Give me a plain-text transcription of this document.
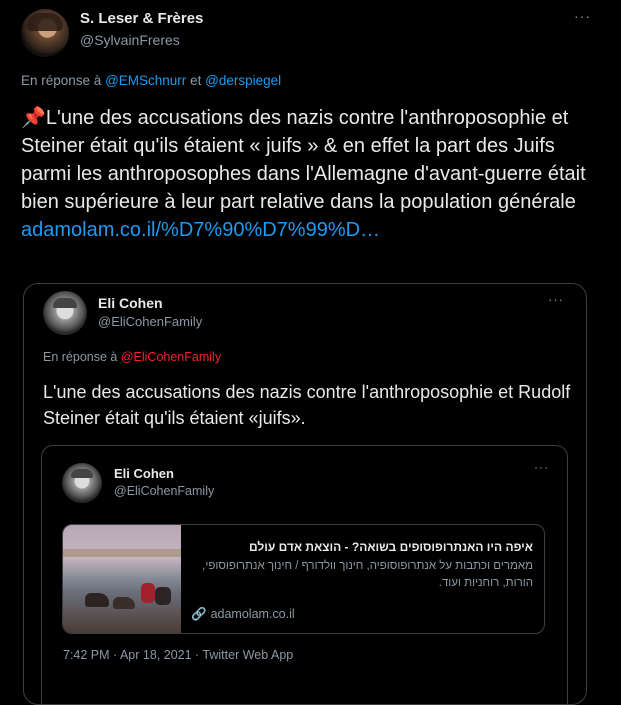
S. Leser & Frères
@SylvainFreres
···
En réponse à @EMSchnurr et @derspiegel
📌L'une des accusations des nazis contre l'anthroposophie et Steiner était qu'ils étaient « juifs » & en effet la part des Juifs parmi les anthroposophes dans l'Allemagne d'avant-guerre était bien supérieure à leur part relative dans la population générale
adamolam.co.il/%D7%90%D7%99%D…
Eli Cohen
@EliCohenFamily
···
En réponse à @EliCohenFamily
L'une des accusations des nazis contre l'anthroposophie et Rudolf Steiner était qu'ils étaient «juifs».
Eli Cohen
@EliCohenFamily
···
איפה היו האנתרופוסופים בשואה? - הוצאת אדם עולם
מאמרים וכתבות על אנתרופוסופיה, חינוך וולדורף / חינוך אנתרופוסופי, הורות, רוחניות ועוד.
🔗 adamolam.co.il
7:42 PM · Apr 18, 2021 · Twitter Web App
